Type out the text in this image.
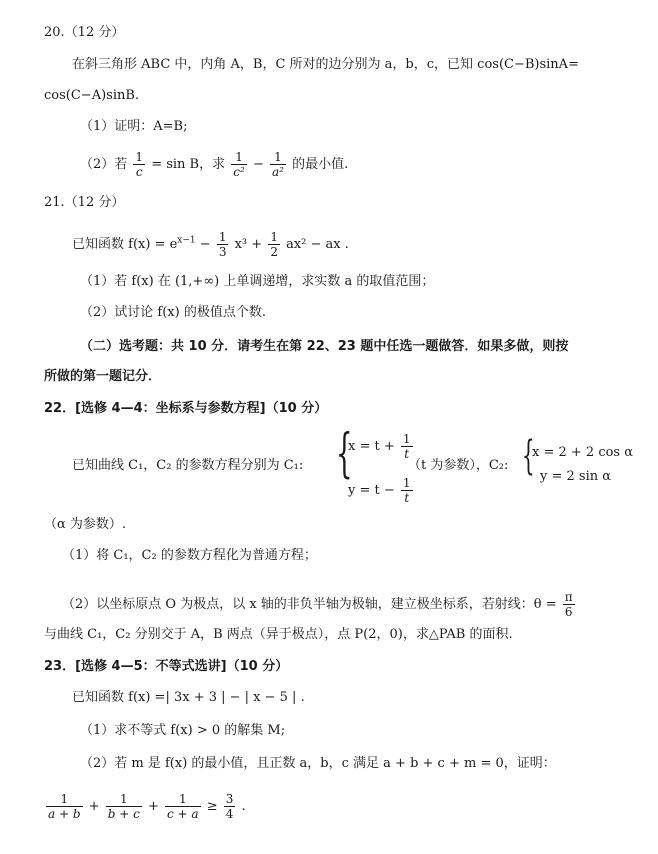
20.（12 分）
在斜三角形 ABC 中，内角 A，B，C 所对的边分别为 a，b，c，已知 cos(C−B)sinA=
cos(C−A)sinB.
（1）证明：A=B;
（2）若 $\frac{1}{c} = \sin B$，求 $\frac{1}{\text{c²}} - \frac{1}{\text{a²}}$ 的最小值.
21.（12 分）
已知函数 $f(x) = e^{x-1} - \frac{1}{3} x^3 + \frac{1}{2} ax^2$ − ax .
（1）若 f(x) 在 (1,+∞) 上单调递增，求实数 a 的取值范围；
（2）试讨论 f(x) 的极值点个数.
（二）选考题：共 10 分．请考生在第 22、23 题中任选一题做答．如果多做，则按
所做的第一题记分．
22．[选修 4—4：坐标系与参数方程]（10 分）
已知曲线 C₁，C₂ 的参数方程分别为 C₁: {
$x = t + \frac{1}{t}$
$y = t - \frac{1}{t}$
（t 为参数），C₂: {
x = 2 + 2 cos α
y = 2 sin α
（α 为参数）.
（1）将 C₁，C₂ 的参数方程化为普通方程；
（2）以坐标原点 O 为极点，以 x 轴的非负半轴为极轴，建立极坐标系，若射线：$\theta = \frac{\pi}{6}$
与曲线 C₁，C₂ 分别交于 A，B 两点（异于极点），点 P(2，0)，求△PAB 的面积.
23．[选修 4—5：不等式选讲]（10 分）
已知函数 f(x) =| 3x + 3 | − | x − 5 | .
（1）求不等式 f(x) > 0 的解集 M;
（2）若 m 是 f(x) 的最小值，且正数 a，b，c 满足 a + b + c + m = 0，证明：
$\frac{1}{a + b} + \frac{1}{b + c} + \frac{1}{c + a} \ge \frac{3}{4}$ .
